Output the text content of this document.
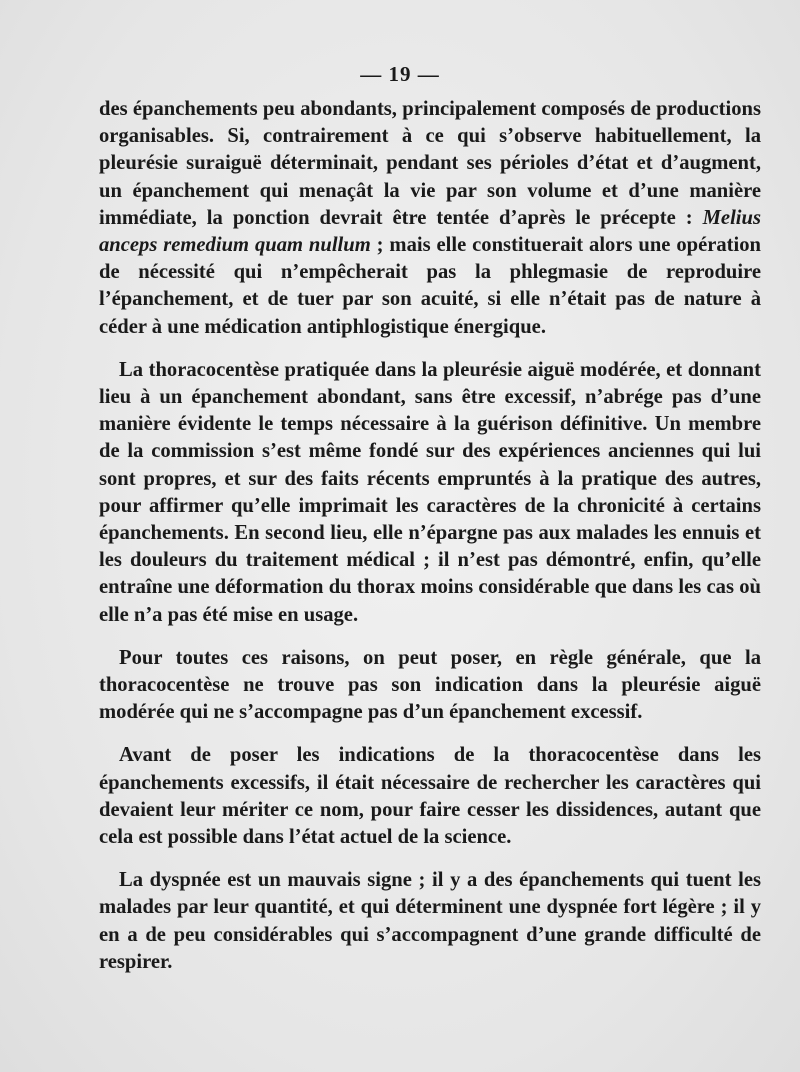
— 19 —

des épanchements peu abondants, principalement composés de productions organisables. Si, contrairement à ce qui s’observe habituellement, la pleurésie suraiguë déterminait, pendant ses périoles d’état et d’augment, un épanchement qui menaçât la vie par son volume et d’une manière immédiate, la ponction devrait être tentée d’après le précepte : Melius anceps remedium quam nullum ; mais elle constituerait alors une opération de nécessité qui n’empêcherait pas la phlegmasie de reproduire l’épanchement, et de tuer par son acuité, si elle n’était pas de nature à céder à une médication antiphlogistique énergique.

La thoracocentèse pratiquée dans la pleurésie aiguë modérée, et donnant lieu à un épanchement abondant, sans être excessif, n’abrége pas d’une manière évidente le temps nécessaire à la guérison définitive. Un membre de la commission s’est même fondé sur des expériences anciennes qui lui sont propres, et sur des faits récents empruntés à la pratique des autres, pour affirmer qu’elle imprimait les caractères de la chronicité à certains épanchements. En second lieu, elle n’épargne pas aux malades les ennuis et les douleurs du traitement médical ; il n’est pas démontré, enfin, qu’elle entraîne une déformation du thorax moins considérable que dans les cas où elle n’a pas été mise en usage.

Pour toutes ces raisons, on peut poser, en règle générale, que la thoracocentèse ne trouve pas son indication dans la pleurésie aiguë modérée qui ne s’accompagne pas d’un épanchement excessif.

Avant de poser les indications de la thoracocentèse dans les épanchements excessifs, il était nécessaire de rechercher les caractères qui devaient leur mériter ce nom, pour faire cesser les dissidences, autant que cela est possible dans l’état actuel de la science.

La dyspnée est un mauvais signe ; il y a des épanchements qui tuent les malades par leur quantité, et qui déterminent une dyspnée fort légère ; il y en a de peu considérables qui s’accompagnent d’une grande difficulté de respirer.
